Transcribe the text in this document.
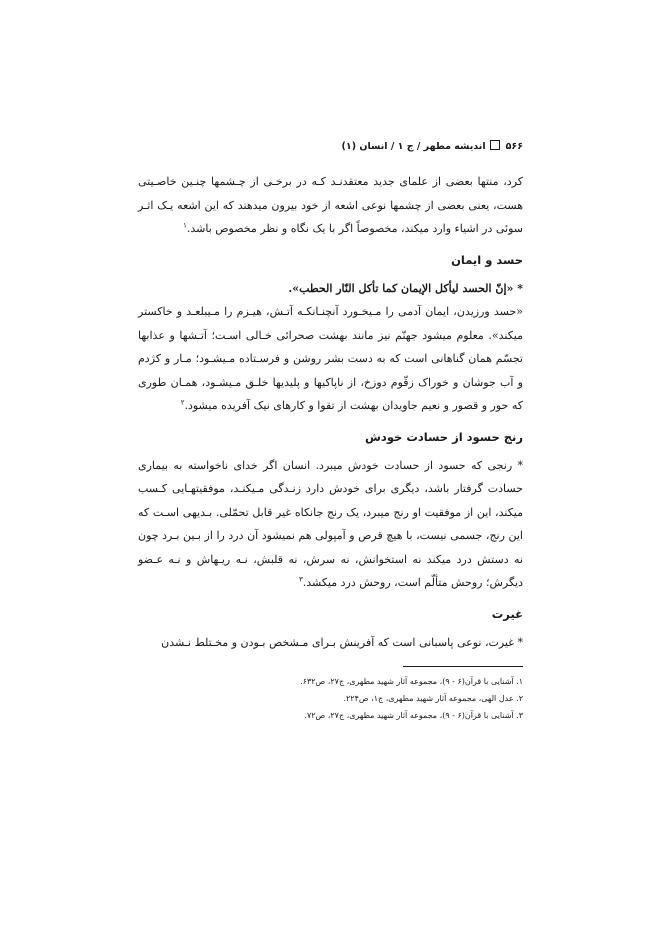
۵۶۶اندیشه مطهر / ج ۱ / انسان (۱)

کرد، منتها بعضی از علمای جدید معتقدنـد کـه در برخـی از چـشمها چنـین خاصـیتی هست، یعنی بعضی از چشمها نوعی اشعه از خود بیرون میدهند که این اشعه یـک اثـر سوئی در اشیاء وارد میکند، مخصوصاً اگر با یک نگاه و نظر مخصوص باشد.$^۱$

حسد و ایمان

* «إنّ الحسد لیأکل الإیمان کما تأکل النّار الحطب».

«حسد ورزیدن، ایمان آدمی را مـیخـورد آنچنـانکـه آتـش، هیـزم را مـیبلعـد و خاکستر میکند». معلوم میشود جهنّم نیز مانند بهشت صحرائی خـالی اسـت؛ آتـشها و عذابها تجسّم همان گناهانی است که به دست بشر روشن و فرسـتاده مـیشـود؛ مـار و کژدم و آب جوشان و خوراک زقّوم دوزخ، از ناپاکیها و پلیدیها خلـق مـیشـود، همـان طوری که حور و قصور و نعیم جاویدان بهشت از تقوا و کارهای نیک آفریده میشود.$^۲$

رنج حسود از حسادت خودش

* رنجی که حسود از حسادت خودش میبرد. انسان اگر خدای ناخواسته به بیماری حسادت گرفتار باشد، دیگری برای خودش دارد زنـدگی مـیکنـد، موفقیتهـایی کـسب میکند، این از موفقیت او رنج میبرد، یک رنج جانکاه غیر قابل تحمّلی. بـدیهی اسـت که این رنج، جسمی نیست، با هیچ قرص و آمپولی هم نمیشود آن درد را از بـین بـرد چون نه دستش درد میکند نه استخوانش، نه سرش، نه قلبش، نـه ریـهاش و نـه عـضو دیگرش؛ روحش متألّم است، روحش درد میکشد.$^۳$

غیرت

* غیرت، نوعی پاسبانی است که آفرینش بـرای مـشخص بـودن و مخـتلط نـشدن

۱. آشنایی با قرآن(۶ - ۹)، مجموعه آثار شهید مطهری، ج۲۷، ص۶۳۲.
۲. عدل الهی، مجموعه آثار شهید مطهری، ج۱، ص۲۲۴.
۳. آشنایی با قرآن(۶ - ۹)، مجموعه آثار شهید مطهری، ج۲۷، ص۷۲.
